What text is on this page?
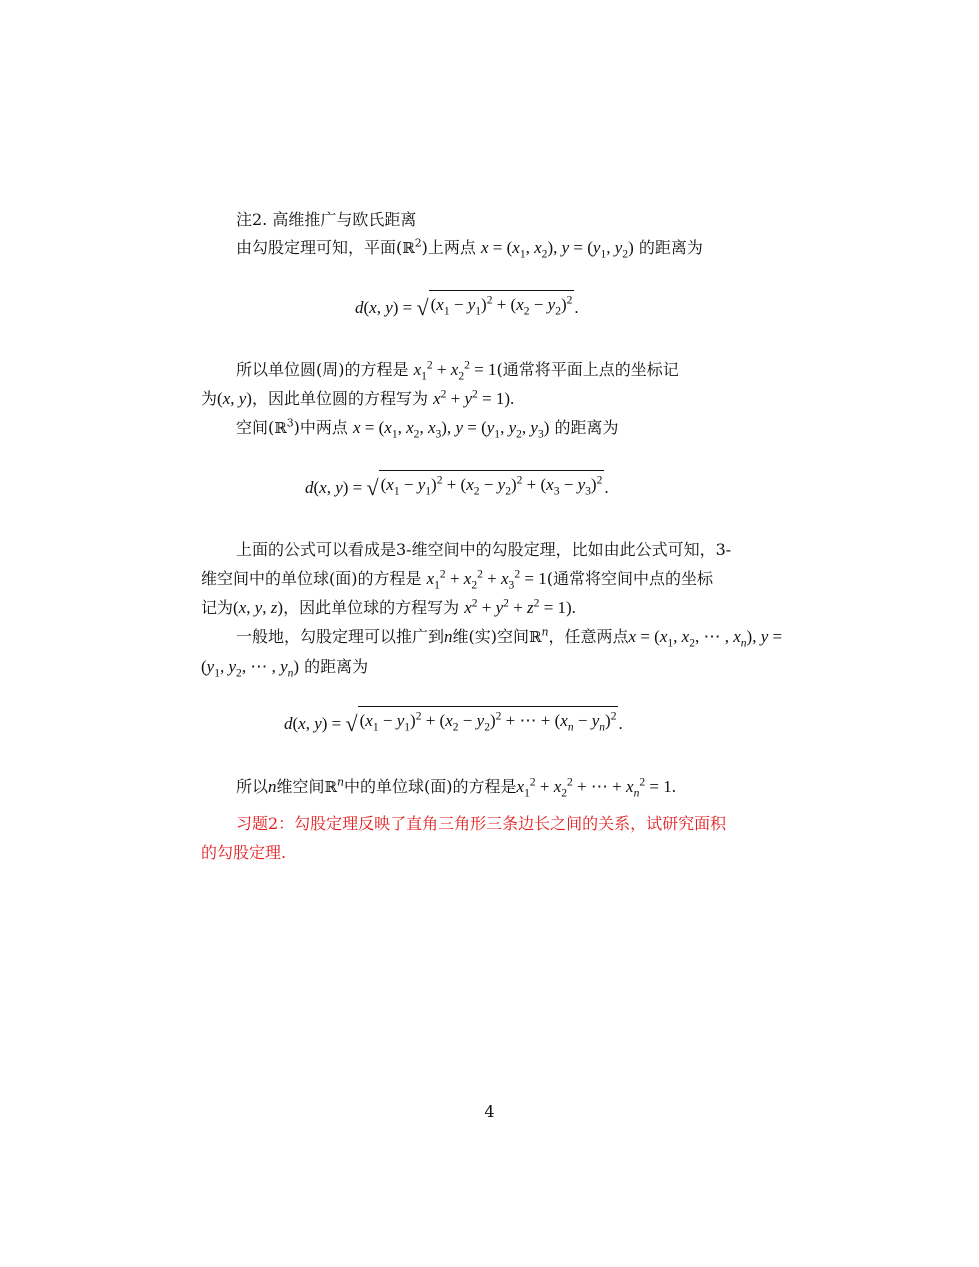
注2. 高维推广与欧氏距离
由勾股定理可知，平面(ℝ$^2$)上两点 $x = (x_1$, $x_2$), $y = (y_1$, $y_2$) 的距离为
d(x, y) = √ $(x_1 - y_1)^2 + (x_2 - y_2)^2$ .
所以单位圆(周)的方程是 $x_1^2 + x_2^2 = 1$(通常将平面上点的坐标记
为(x, y)，因此单位圆的方程写为 $x^2 + y^2 = 1$).
空间(ℝ$^3$)中两点 $x = (x_1$, $x_2$, $x_3$), $y = (y_1$, $y_2$, $y_3$) 的距离为
d(x, y) = √ $(x_1 - y_1)^2 + (x_2 - y_2)^2 + (x_3 - y_3)^2$ .
上面的公式可以看成是3-维空间中的勾股定理，比如由此公式可知，3-
维空间中的单位球(面)的方程是 $x_1^2 + x_2^2 + x_3^2 = 1$(通常将空间中点的坐标
记为(x, y, z)，因此单位球的方程写为 $x^2 + y^2 + z^2 = 1$).
一般地，勾股定理可以推广到n维(实)空间ℝ$^n$，任意两点$x = (x_1$, $x_2$, ⋯ , $x_n$), y =
($y_1$, $y_2$, ⋯ , $y_n$) 的距离为
d(x, y) = √ $(x_1 - y_1)^2 + (x_2 - y_2)^2$ + ⋯ + $(x_n - y_n)^2$ .
所以n维空间ℝ$^n$中的单位球(面)的方程是$x_1^2 + x_2^2$ + ⋯ + $x_n^2 = 1$.
习题2：勾股定理反映了直角三角形三条边长之间的关系，试研究面积
的勾股定理.
4
